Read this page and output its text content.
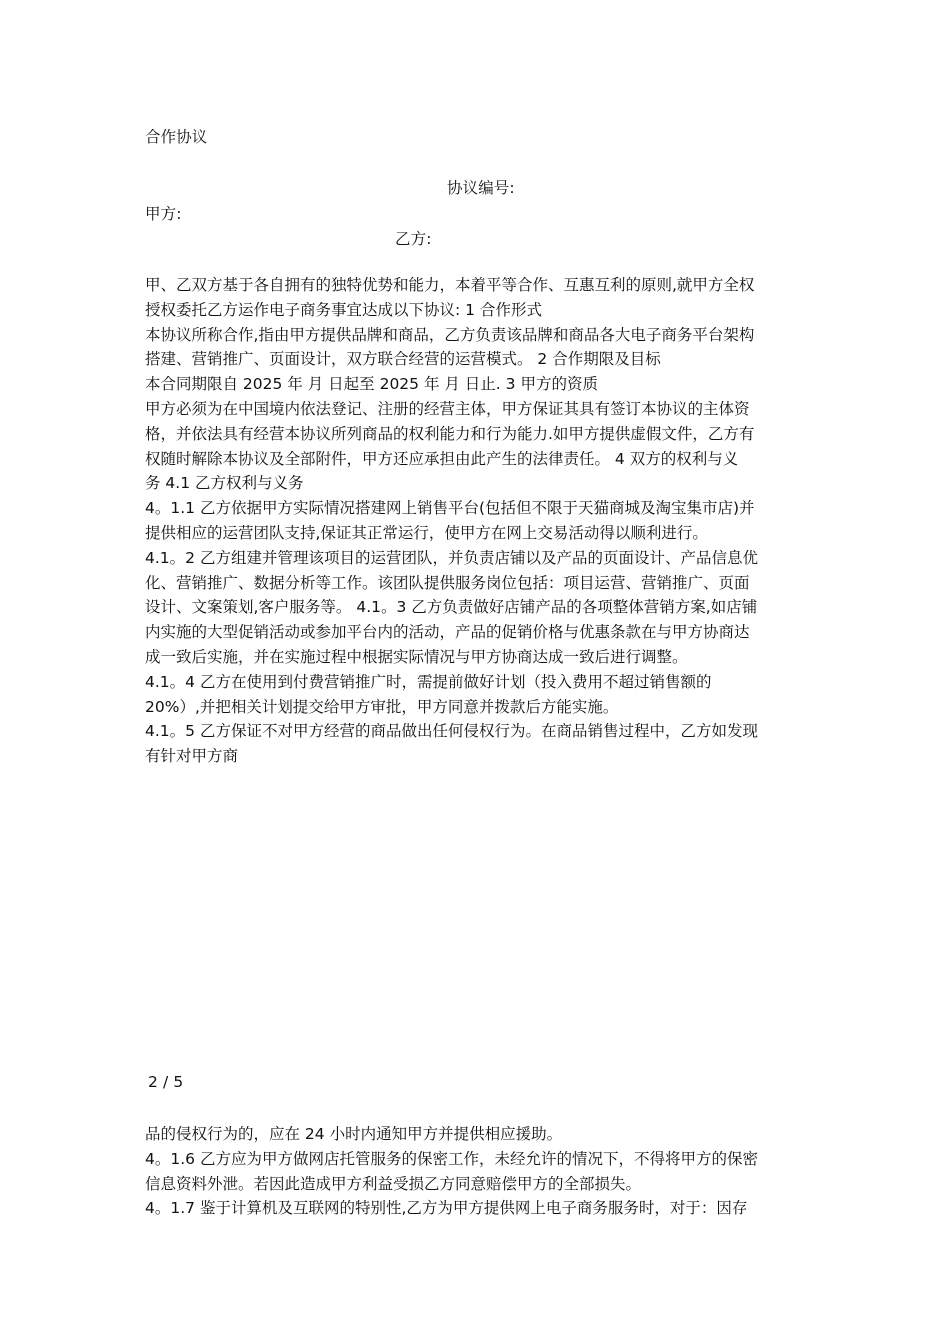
合作协议
协议编号:
甲方:
乙方:
甲、乙双方基于各自拥有的独特优势和能力，本着平等合作、互惠互利的原则,就甲方全权
授权委托乙方运作电子商务事宜达成以下协议: 1 合作形式
本协议所称合作,指由甲方提供品牌和商品，乙方负责该品牌和商品各大电子商务平台架构
搭建、营销推广、页面设计，双方联合经营的运营模式。 2 合作期限及目标
本合同期限自 2025 年 月 日起至 2025 年 月 日止. 3 甲方的资质
甲方必须为在中国境内依法登记、注册的经营主体，甲方保证其具有签订本协议的主体资
格，并依法具有经营本协议所列商品的权利能力和行为能力.如甲方提供虚假文件，乙方有
权随时解除本协议及全部附件，甲方还应承担由此产生的法律责任。 4 双方的权利与义
务 4.1 乙方权利与义务
4。1.1 乙方依据甲方实际情况搭建网上销售平台(包括但不限于天猫商城及淘宝集市店)并
提供相应的运营团队支持,保证其正常运行，使甲方在网上交易活动得以顺利进行。
4.1。2 乙方组建并管理该项目的运营团队，并负责店铺以及产品的页面设计、产品信息优
化、营销推广、数据分析等工作。该团队提供服务岗位包括：项目运营、营销推广、页面
设计、文案策划,客户服务等。 4.1。3 乙方负责做好店铺产品的各项整体营销方案,如店铺
内实施的大型促销活动或参加平台内的活动，产品的促销价格与优惠条款在与甲方协商达
成一致后实施，并在实施过程中根据实际情况与甲方协商达成一致后进行调整。
4.1。4 乙方在使用到付费营销推广时，需提前做好计划（投入费用不超过销售额的
20%）,并把相关计划提交给甲方审批，甲方同意并拨款后方能实施。
4.1。5 乙方保证不对甲方经营的商品做出任何侵权行为。在商品销售过程中，乙方如发现
有针对甲方商
2 / 5
品的侵权行为的，应在 24 小时内通知甲方并提供相应援助。
4。1.6 乙方应为甲方做网店托管服务的保密工作，未经允许的情况下，不得将甲方的保密
信息资料外泄。若因此造成甲方利益受损乙方同意赔偿甲方的全部损失。
4。1.7 鉴于计算机及互联网的特别性,乙方为甲方提供网上电子商务服务时，对于：因存
